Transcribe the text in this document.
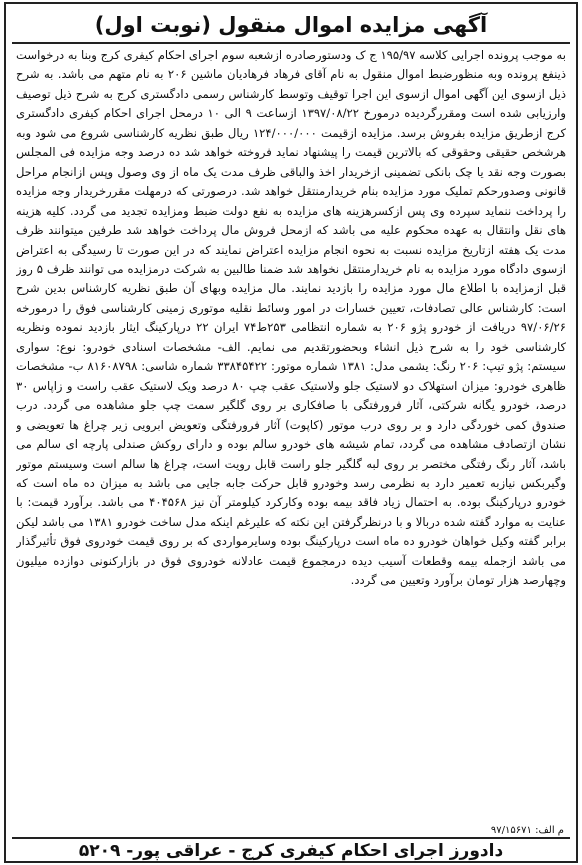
آگهی مزایده اموال منقول (نوبت اول)

به موجب پرونده اجرایی کلاسه ۱۹۵/۹۷ ج ک ودستورصادره ازشعبه سوم اجرای احکام کیفری کرج وبنا به درخواست ذینفع پرونده وبه منظورضبط اموال منقول به نام آقای فرهاد فرهادیان ماشین ۲۰۶ به نام متهم می باشد. به شرح ذیل ازسوی این آگهی اموال ازسوی این اجرا توقیف وتوسط کارشناس رسمی دادگستری کرج به شرح ذیل توصیف وارزیابی شده است ومقررگردیده درمورخ ۱۳۹۷/۰۸/۲۲ ازساعت ۹ الی ۱۰ درمحل اجرای احکام کیفری دادگستری کرج ازطریق مزایده بفروش برسد. مزایده ازقیمت ۱۲۴/۰۰۰/۰۰۰ ریال طبق نظریه کارشناسی شروع می شود وبه هرشخص حقیقی وحقوقی که بالاترین قیمت را پیشنهاد نماید فروخته خواهد شد ده درصد وجه مزایده فی المجلس بصورت وجه نقد یا چک بانکی تضمینی ازخریدار اخذ والباقی ظرف مدت یک ماه از وی وصول وپس ازانجام مراحل قانونی وصدورحکم تملیک مورد مزایده بنام خریدارمنتقل خواهد شد. درصورتی که درمهلت مقررخریدار وجه مزایده را پرداخت ننماید سپرده وی پس ازکسرهزینه های مزایده به نفع دولت ضبط ومزایده تجدید می گردد. کلیه هزینه های نقل وانتقال به عهده محکوم علیه می باشد که ازمحل فروش مال پرداخت خواهد شد طرفین میتوانند ظرف مدت یک هفته ازتاریخ مزایده نسبت به نحوه انجام مزایده اعتراض نمایند که در این صورت تا رسیدگی به اعتراض ازسوی دادگاه مورد مزایده به نام خریدارمنتقل نخواهد شد ضمنا طالبین به شرکت درمزایده می توانند ظرف ۵ روز قبل ازمزایده با اطلاع مال مورد مزایده را بازدید نمایند. مال مزایده وبهای آن طبق نظریه کارشناس بدین شرح است: کارشناس عالی تصادفات، تعیین خسارات در امور وسائط نقلیه موتوری زمینی کارشناسی فوق را درمورخه ۹۷/۰۶/۲۶ دریافت از خودرو پژو ۲۰۶ به شماره انتظامی ۲۵۳ط۷۴ ایران ۲۲ درپارکینگ ایثار بازدید نموده ونظریه کارشناسی خود را به شرح ذیل انشاء وبحضورتقدیم می نمایم. الف- مشخصات اسنادی خودرو: نوع: سواری سیستم: پژو تیپ: ۲۰۶ رنگ: یشمی مدل: ۱۳۸۱ شماره موتور: ۳۳۸۴۵۴۲۲ شماره شاسی: ۸۱۶۰۸۷۹۸ ب- مشخصات ظاهری خودرو: میزان استهلاک دو لاستیک جلو ولاستیک عقب چپ ۸۰ درصد ویک لاستیک عقب راست و زاپاس ۳۰ درصد، خودرو یگانه شرکتی، آثار فرورفتگی با صافکاری بر روی گلگیر سمت چپ جلو مشاهده می گردد. درب صندوق کمی خوردگی دارد و بر روی درب موتور (کاپوت) آثار فرورفتگی وتعویض ابرویی زیر چراغ ها تعویضی و نشان ازتصادف مشاهده می گردد، تمام شیشه های خودرو سالم بوده و دارای روکش صندلی پارچه ای سالم می باشد، آثار رنگ رفتگی مختصر بر روی لبه گلگیر جلو راست قابل رویت است، چراغ ها سالم است وسیستم موتور وگیربکس نیازبه تعمیر دارد به نظرمی رسد وخودرو قابل حرکت جابه جایی می باشد به میزان ده ماه است که خودرو درپارکینگ بوده. به احتمال زیاد فاقد بیمه بوده وکارکرد کیلومتر آن نیز ۴۰۴۵۶۸ می باشد. برآورد قیمت: با عنایت به موارد گفته شده دربالا و با درنظرگرفتن این نکته که علیرغم اینکه مدل ساخت خودرو ۱۳۸۱ می باشد لیکن برابر گفته وکیل خواهان خودرو ده ماه است درپارکینگ بوده وسایرمواردی که بر روی قیمت خودروی فوق تأثیرگذار می باشد ازجمله بیمه وقطعات آسیب دیده درمجموع قیمت عادلانه خودروی فوق در بازارکنونی دوازده میلیون وچهارصد هزار تومان برآورد وتعیین می گردد.

م الف: ۹۷/۱۵۶۷۱
دادورز اجرای احکام کیفری کرج - عراقی پور- ۵۲۰۹
